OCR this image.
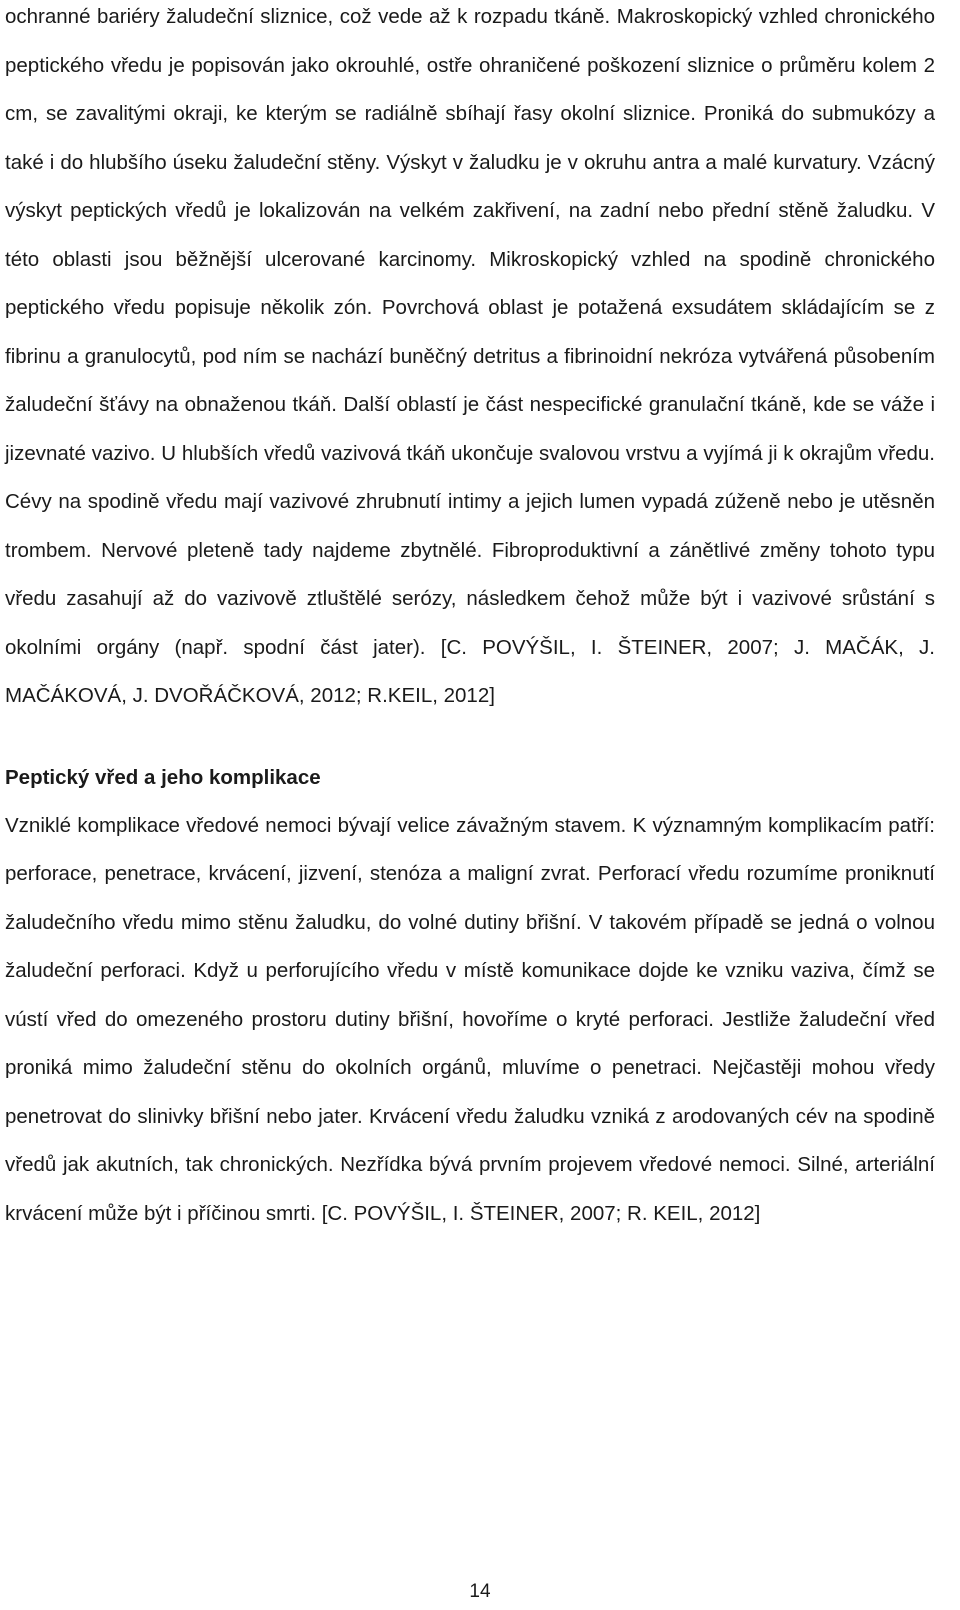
ochranné bariéry žaludeční sliznice, což vede až k rozpadu tkáně. Makroskopický vzhled chronického peptického vředu je popisován jako okrouhlé, ostře ohraničené poškození sliznice o průměru kolem 2 cm, se zavalitými okraji, ke kterým se radiálně sbíhají řasy okolní sliznice. Proniká do submukózy a také i do hlubšího úseku žaludeční stěny. Výskyt v žaludku je v okruhu antra a malé kurvatury. Vzácný výskyt peptických vředů je lokalizován na velkém zakřivení, na zadní nebo přední stěně žaludku. V této oblasti jsou běžnější ulcerované karcinomy. Mikroskopický vzhled na spodině chronického peptického vředu popisuje několik zón. Povrchová oblast je potažená exsudátem skládajícím se z fibrinu a granulocytů, pod ním se nachází buněčný detritus a fibrinoidní nekróza vytvářená působením žaludeční šťávy na obnaženou tkáň. Další oblastí je část nespecifické granulační tkáně, kde se váže i jizevnaté vazivo. U hlubších vředů vazivová tkáň ukončuje svalovou vrstvu a vyjímá ji k okrajům vředu. Cévy na spodině vředu mají vazivové zhrubnutí intimy a jejich lumen vypadá zúženě nebo je utěsněn trombem. Nervové pleteně tady najdeme zbytnělé. Fibroproduktivní a zánětlivé změny tohoto typu vředu zasahují až do vazivově ztluštělé serózy, následkem čehož může být i vazivové srůstání s okolními orgány (např. spodní část jater). [C. POVÝŠIL, I. ŠTEINER, 2007; J. MAČÁK, J. MAČÁKOVÁ, J. DVOŘÁČKOVÁ, 2012; R.KEIL, 2012]

Peptický vřed a jeho komplikace

Vzniklé komplikace vředové nemoci bývají velice závažným stavem. K významným komplikacím patří: perforace, penetrace, krvácení, jizvení, stenóza a maligní zvrat. Perforací vředu rozumíme proniknutí žaludečního vředu mimo stěnu žaludku, do volné dutiny břišní. V takovém případě se jedná o volnou žaludeční perforaci. Když u perforujícího vředu v místě komunikace dojde ke vzniku vaziva, čímž se vústí vřed do omezeného prostoru dutiny břišní, hovoříme o kryté perforaci. Jestliže žaludeční vřed proniká mimo žaludeční stěnu do okolních orgánů, mluvíme o penetraci. Nejčastěji mohou vředy penetrovat do slinivky břišní nebo jater. Krvácení vředu žaludku vzniká z arodovaných cév na spodině vředů jak akutních, tak chronických. Nezřídka bývá prvním projevem vředové nemoci. Silné, arteriální krvácení může být i příčinou smrti. [C. POVÝŠIL, I. ŠTEINER, 2007; R. KEIL, 2012]

14
